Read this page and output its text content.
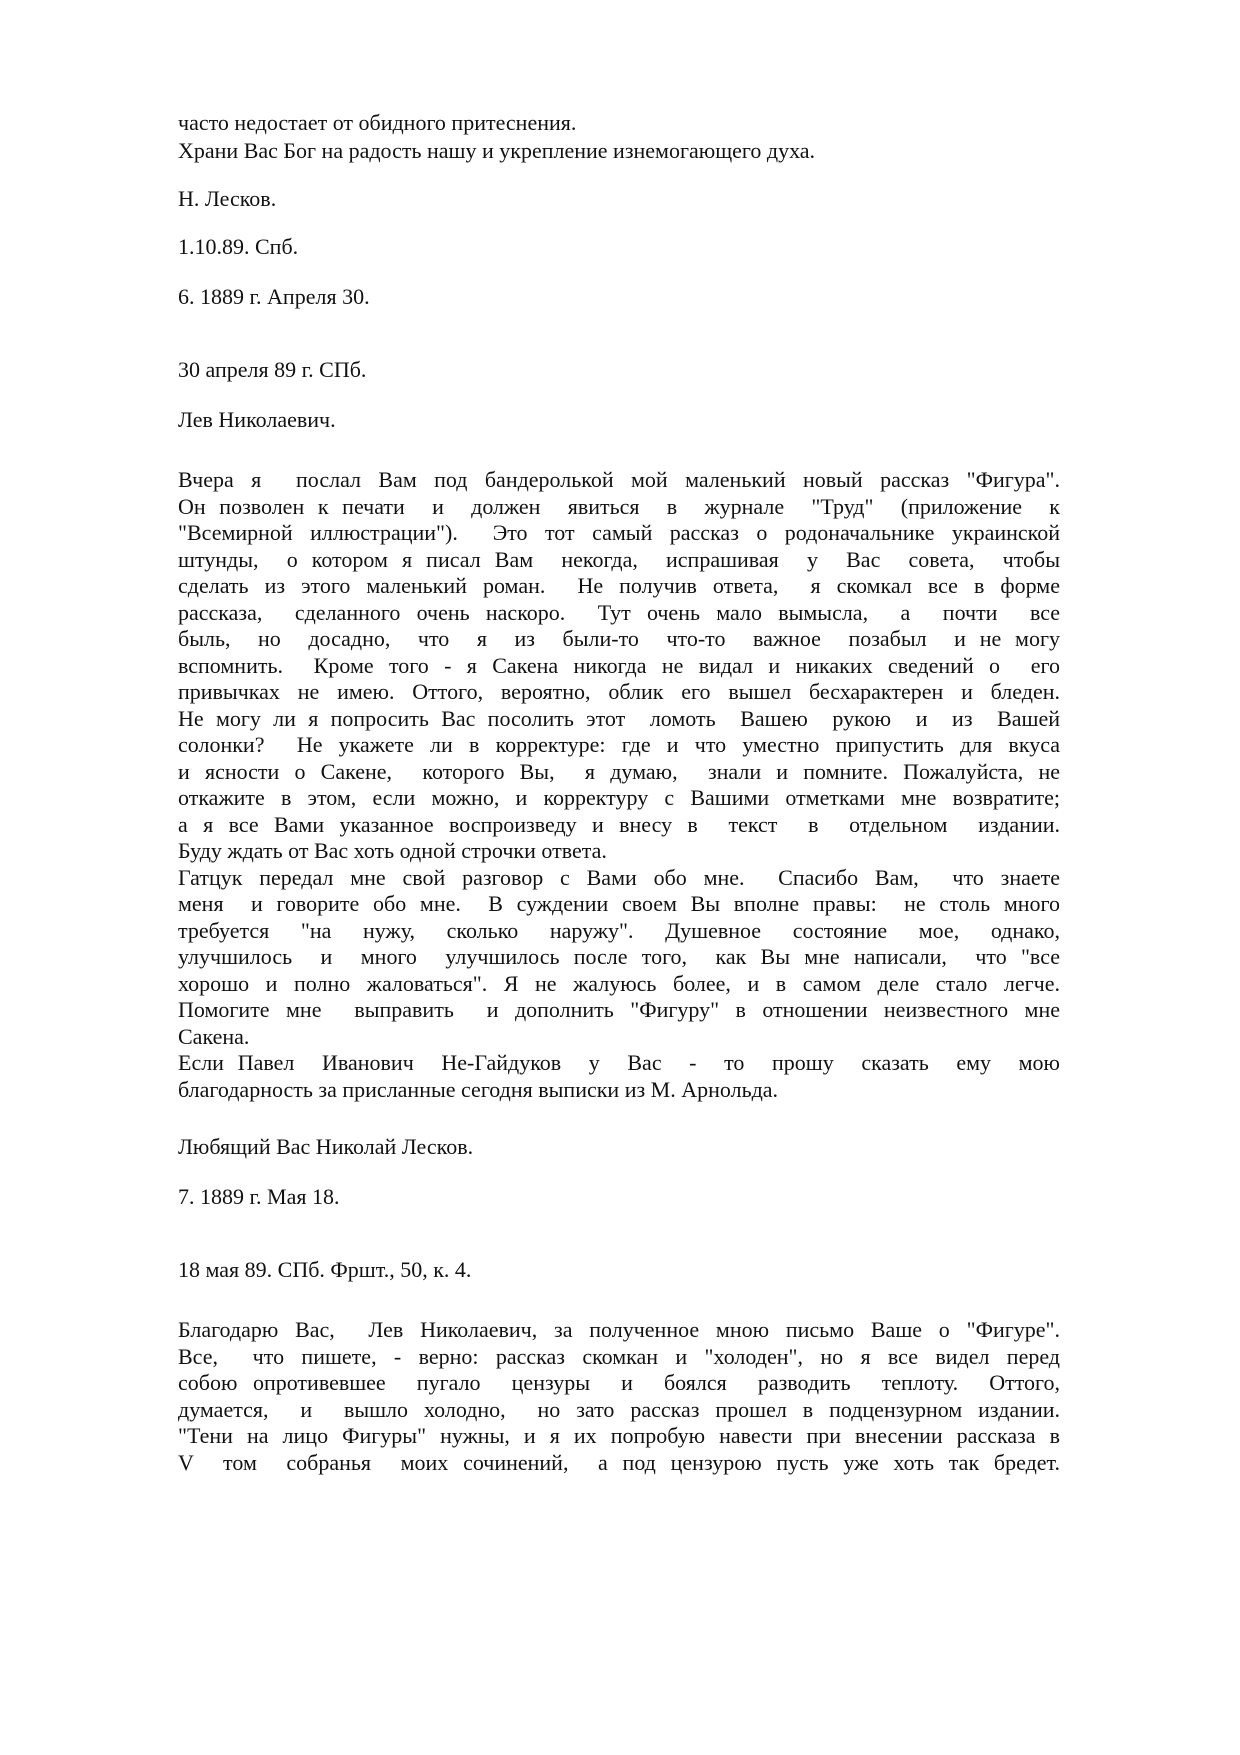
часто недостает от обидного притеснения.
Храни Вас Бог на радость нашу и укрепление изнемогающего духа.
Н. Лесков.
1.10.89. Спб.
6. 1889 г. Апреля 30.
30 апреля 89 г. СПб.
Лев Николаевич.
Вчера я  послал Вам под бандеролькой мой маленький новый рассказ "Фигура".
Он позволен к печати  и  должен  явиться  в  журнале  "Труд"  (приложение  к
"Всемирной иллюстрации").  Это тот самый рассказ о родоначальнике украинской
штунды,  о котором я писал Вам  некогда,  испрашивая  у  Вас  совета,  чтобы
сделать из этого маленький роман.  Не получив ответа,  я скомкал все в форме
рассказа,  сделанного очень наскоро.  Тут очень мало вымысла,  а  почти  все
быль,  но  досадно,  что  я  из  были-то  что-то  важное  позабыл  и не могу
вспомнить.  Кроме того - я Сакена никогда не видал и никаких сведений о  его
привычках не имею. Оттого, вероятно, облик его вышел бесхарактерен и бледен.
Не могу ли я попросить Вас посолить этот  ломоть  Вашею  рукою  и  из  Вашей
солонки?  Не укажете ли в корректуре: где и что уместно припустить для вкуса
и ясности о Сакене,  которого Вы,  я думаю,  знали и помните. Пожалуйста, не
откажите в этом, если можно, и корректуру с Вашими отметками мне возвратите;
а я все Вами указанное воспроизведу и внесу в  текст  в  отдельном  издании.
Буду ждать от Вас хоть одной строчки ответа.
Гатцук передал мне свой разговор с Вами обо мне.  Спасибо Вам,  что знаете
меня  и говорите обо мне.  В суждении своем Вы вполне правы:  не столь много
требуется  "на  нужу,  сколько  наружу".  Душевное  состояние  мое,  однако,
улучшилось  и  много  улучшилось после того,  как Вы мне написали,  что "все
хорошо и полно жаловаться". Я не жалуюсь более, и в самом деле стало легче.
Помогите мне  выправить  и дополнить "Фигуру" в отношении неизвестного мне
Сакена.
Если Павел  Иванович  Не-Гайдуков  у  Вас  -  то  прошу  сказать  ему  мою
благодарность за присланные сегодня выписки из М. Арнольда.
Любящий Вас Николай Лесков.
7. 1889 г. Мая 18.
18 мая 89. СПб. Фршт., 50, к. 4.
Благодарю Вас,  Лев Николаевич, за полученное мною письмо Ваше о "Фигуре".
Все,  что пишете, - верно: рассказ скомкан и "холоден", но я все видел перед
собою опротивевшее  пугало  цензуры  и  боялся  разводить  теплоту.  Оттого,
думается,  и  вышло холодно,  но зато рассказ прошел в подцензурном издании.
"Тени на лицо Фигуры" нужны, и я их попробую навести при внесении рассказа в
V  том  собранья  моих сочинений,  а под цензурою пусть уже хоть так бредет.
